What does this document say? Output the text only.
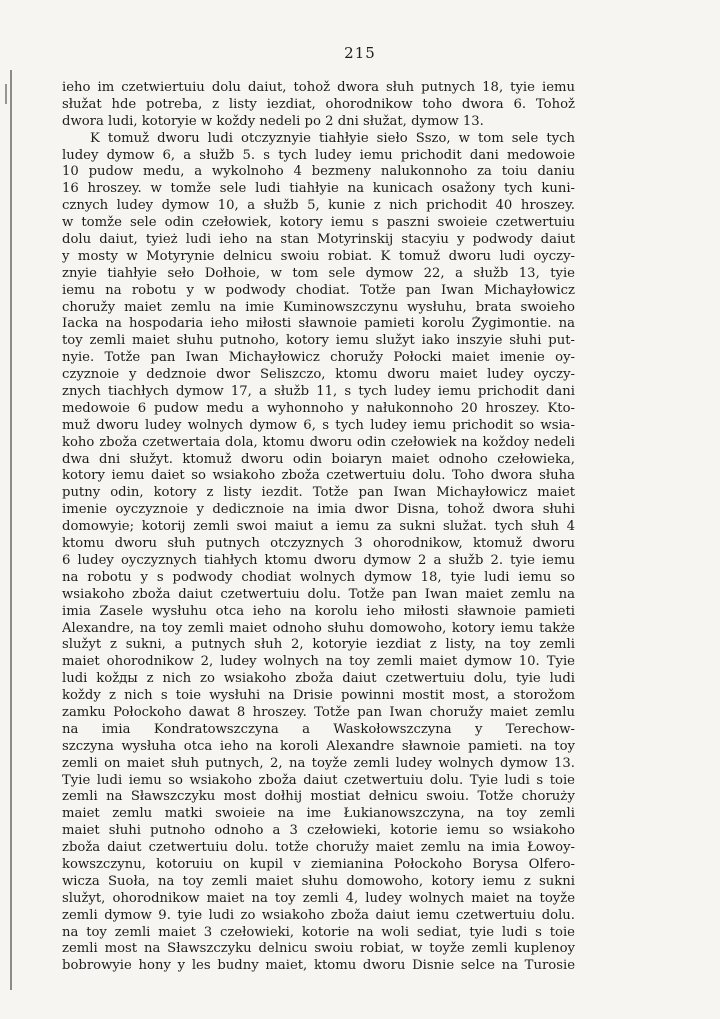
215
ieho im czetwiertuiu dolu daiut, tohož dwora słuh putnych 18, tyie iemu
słužat hde potreba, z listy iezdiat, ohorodnikow toho dwora 6. Tohož
dwora ludi, kotoryie w koždy nedeli po 2 dni słužat, dymow 13.
K tomuž dworu ludi otczyznyie tiahłyie sieło Sszo, w tom sele tych
ludey dymow 6, a słužb 5. s tych ludey iemu prichodit dani medowoie
10 pudow medu, a wykolnoho 4 bezmeny nalukonnoho za toiu daniu
16 hroszey. w tomže sele ludi tiahłyie na kunicach osažony tych kuni-
cznych ludey dymow 10, a słužb 5, kunie z nich prichodit 40 hroszey.
w tomže sele odin czełowiek, kotory iemu s paszni swoieie czetwertuiu
dolu daiut, tyież ludi ieho na stan Motyrinskij stacyiu y podwody daiut
y mosty w Motyrynie delnicu swoiu robiat. K tomuž dworu ludi oyczy-
znyie tiahłyie sełо Dołhoie, w tom sele dymow 22, a słužb 13, tyie
iemu na robotu y w podwody chodiat. Totže pan Iwan Michayłowicz
choružy maiet zemlu na imie Kuminowszczynu wysłuhu, brata swoieho
Iacka na hospodaria ieho miłosti sławnoie pamieti korolu Žygimontie. na
toy zemli maiet słuhu putnoho, kotory iemu služyt iako inszyie słuhi put-
nyie. Totže pan Iwan Michayłowicz choružy Połocki maiet imenie oy-
czyznoie y dedznoie dwor Seliszczo, ktomu dworu maiet ludey oyczy-
znych tiachłych dymow 17, a słužb 11, s tych ludey iemu prichodit dani
medowoie 6 pudow medu a wyhonnoho y nałukonnoho 20 hroszey. Ktо-
muž dworu ludey wolnych dymow 6, s tych ludey iemu prichodit so wsia-
koho zboža czetwertaia dola, ktomu dworu odin czełowiek na koždoy nedeli
dwa dni słužyt. ktomuž dworu odin boiaryn maiet odnoho czełowieka,
kotory iemu daiet so wsiakoho zboža czetwertuiu dolu. Toho dwora słuha
putny odin, kotory z listy iezdit. Totže pan Iwan Michayłowicz maiet
imenie oyczyznoie y dedicznoie na imia dwor Disna, tohož dwora słuhi
domowyie; kotorij zemli swoi maiut a iemu za sukni služat. tych słuh 4
ktomu dworu słuh putnych otczyznych 3 ohorodnikow, ktomuž dworu
6 ludey oyczyznych tiahłych ktomu dworu dymow 2 a słužb 2. tyie iemu
na robotu y s podwody chodiat wolnych dymow 18, tyie ludi iemu so
wsiakoho zboža daiut czetwertuiu dolu. Totže pan Iwan maiet zemlu na
imia Zasele wysłuhu otca ieho na korolu ieho miłosti sławnoie pamieti
Alexandre, na toy zemli maiet odnoho słuhu domowoho, kotory iemu także
služyt z sukni, a putnych słuh 2, kotoryie iezdiat z listy, na toy zemli
maiet ohorodnikow 2, ludey wolnych na toy zemli maiet dymow 10. Tyie
ludi kožды z nich zo wsiakoho zboža daiut czetwertuiu dolu, tyie ludi
koždy z nich s toie wysłuhi na Drisie powinni mostit most, a storožom
zamku Połockoho dawat 8 hroszey. Totže pan Iwan choružy maiet zemlu
na imia Kondratowszczyna a Waskołowszczyna y Terechow-
szczyna wysłuha otca ieho na koroli Alexandre sławnoie pamieti. na toy
zemli on maiet słuh putnych, 2, na toyže zemli ludey wolnych dymow 13.
Tyie ludi iemu so wsiakoho zboža daiut czetwertuiu dolu. Tyie ludi s toie
zemli na Sławszczyku most dołhij mostiat dełnicu swoiu. Totže chorużу
maiet zemlu matki swoieie na ime Łukianowszczyna, na toy zemli
maiet słuhi putnoho odnoho a 3 czełowieki, kotorie iemu so wsiakoho
zboža daiut czetwertuiu dolu. totže choružy maiet zemlu na imia Łowoy-
kowszczynu, kotoruiu on kupil v ziemianina Połockoho Borysa Olfero-
wicza Suoła, na toy zemli maiet słuhu domowoho, kotory iemu z sukni
služyt, ohorodnikow maiet na toy zemli 4, ludey wolnych maiet na toyže
zemli dymow 9. tyie ludi zo wsiakoho zboža daiut iemu czetwertuiu dolu.
na toy zemli maiet 3 czełowieki, kotorie na woli sediat, tyie ludi s toie
zemli most na Sławszczyku delnicu swoiu robiat, w toyže zemli kuplenoy
bobrowyie hony y les budny maiet, ktomu dworu Disnie selce na Turosie
